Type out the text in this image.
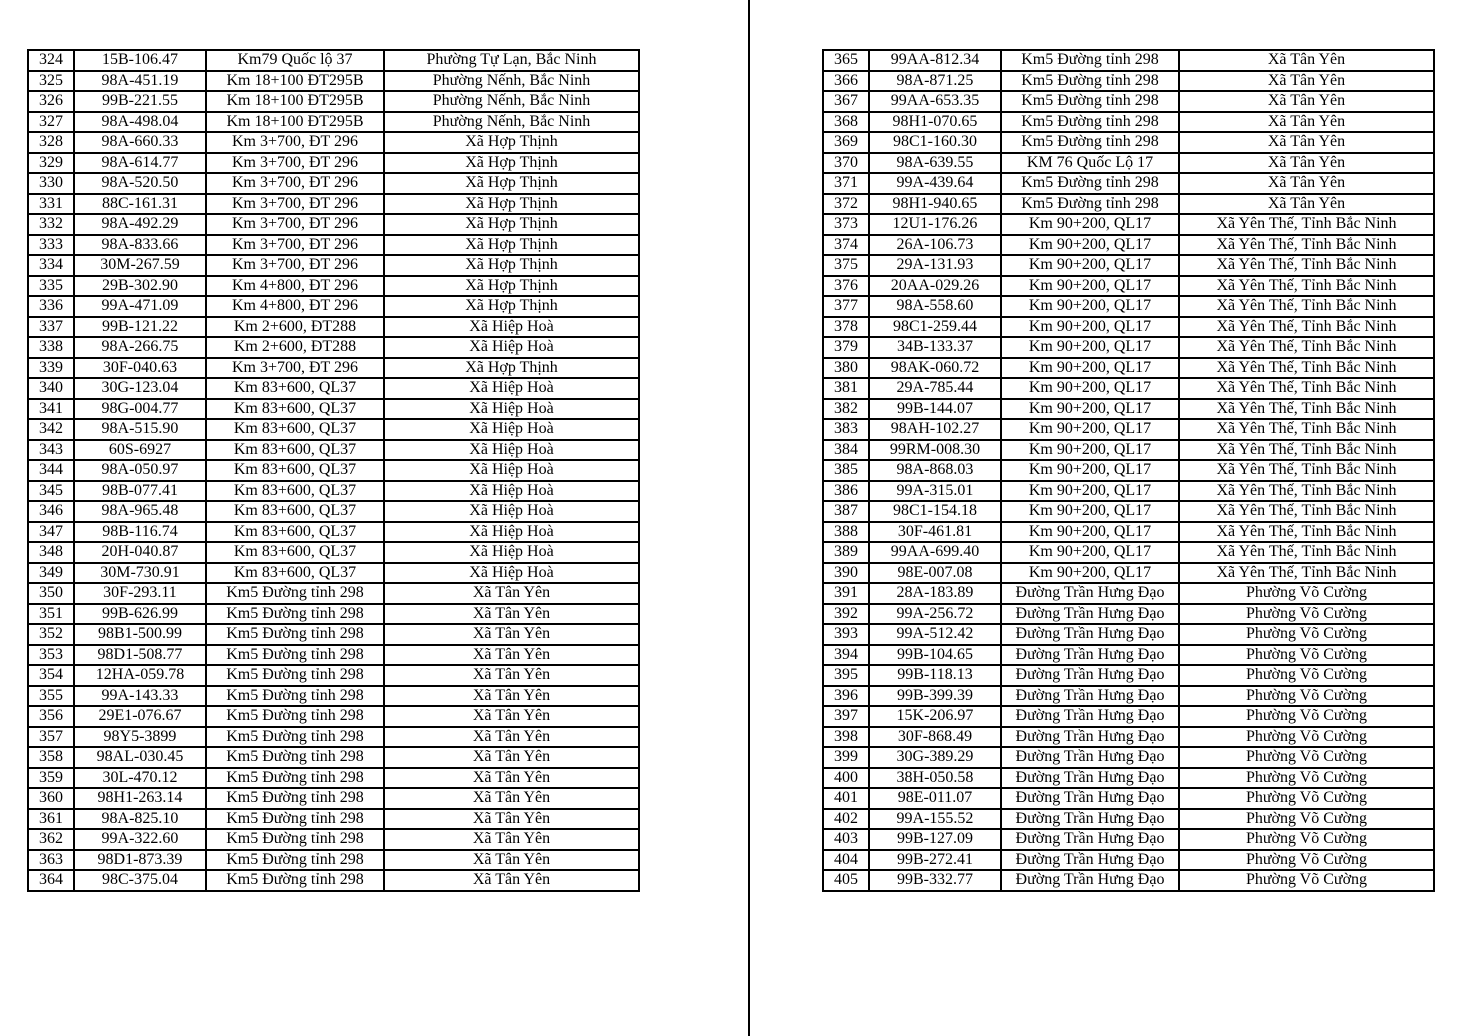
324	15B-106.47	Km79 Quốc lộ 37	Phường Tự Lạn, Bắc Ninh
325	98A-451.19	Km 18+100 ĐT295B	Phường Nếnh, Bắc Ninh
326	99B-221.55	Km 18+100 ĐT295B	Phường Nếnh, Bắc Ninh
327	98A-498.04	Km 18+100 ĐT295B	Phường Nếnh, Bắc Ninh
328	98A-660.33	Km 3+700, ĐT 296	Xã Hợp Thịnh
329	98A-614.77	Km 3+700, ĐT 296	Xã Hợp Thịnh
330	98A-520.50	Km 3+700, ĐT 296	Xã Hợp Thịnh
331	88C-161.31	Km 3+700, ĐT 296	Xã Hợp Thịnh
332	98A-492.29	Km 3+700, ĐT 296	Xã Hợp Thịnh
333	98A-833.66	Km 3+700, ĐT 296	Xã Hợp Thịnh
334	30M-267.59	Km 3+700, ĐT 296	Xã Hợp Thịnh
335	29B-302.90	Km 4+800, ĐT 296	Xã Hợp Thịnh
336	99A-471.09	Km 4+800, ĐT 296	Xã Hợp Thịnh
337	99B-121.22	Km 2+600, ĐT288	Xã Hiệp Hoà
338	98A-266.75	Km 2+600, ĐT288	Xã Hiệp Hoà
339	30F-040.63	Km 3+700, ĐT 296	Xã Hợp Thịnh
340	30G-123.04	Km 83+600, QL37	Xã Hiệp Hoà
341	98G-004.77	Km 83+600, QL37	Xã Hiệp Hoà
342	98A-515.90	Km 83+600, QL37	Xã Hiệp Hoà
343	60S-6927	Km 83+600, QL37	Xã Hiệp Hoà
344	98A-050.97	Km 83+600, QL37	Xã Hiệp Hoà
345	98B-077.41	Km 83+600, QL37	Xã Hiệp Hoà
346	98A-965.48	Km 83+600, QL37	Xã Hiệp Hoà
347	98B-116.74	Km 83+600, QL37	Xã Hiệp Hoà
348	20H-040.87	Km 83+600, QL37	Xã Hiệp Hoà
349	30M-730.91	Km 83+600, QL37	Xã Hiệp Hoà
350	30F-293.11	Km5 Đường tỉnh 298	Xã Tân Yên
351	99B-626.99	Km5 Đường tỉnh 298	Xã Tân Yên
352	98B1-500.99	Km5 Đường tỉnh 298	Xã Tân Yên
353	98D1-508.77	Km5 Đường tỉnh 298	Xã Tân Yên
354	12HA-059.78	Km5 Đường tỉnh 298	Xã Tân Yên
355	99A-143.33	Km5 Đường tỉnh 298	Xã Tân Yên
356	29E1-076.67	Km5 Đường tỉnh 298	Xã Tân Yên
357	98Y5-3899	Km5 Đường tỉnh 298	Xã Tân Yên
358	98AL-030.45	Km5 Đường tỉnh 298	Xã Tân Yên
359	30L-470.12	Km5 Đường tỉnh 298	Xã Tân Yên
360	98H1-263.14	Km5 Đường tỉnh 298	Xã Tân Yên
361	98A-825.10	Km5 Đường tỉnh 298	Xã Tân Yên
362	99A-322.60	Km5 Đường tỉnh 298	Xã Tân Yên
363	98D1-873.39	Km5 Đường tỉnh 298	Xã Tân Yên
364	98C-375.04	Km5 Đường tỉnh 298	Xã Tân Yên
365	99AA-812.34	Km5 Đường tỉnh 298	Xã Tân Yên
366	98A-871.25	Km5 Đường tỉnh 298	Xã Tân Yên
367	99AA-653.35	Km5 Đường tỉnh 298	Xã Tân Yên
368	98H1-070.65	Km5 Đường tỉnh 298	Xã Tân Yên
369	98C1-160.30	Km5 Đường tỉnh 298	Xã Tân Yên
370	98A-639.55	KM 76 Quốc Lộ 17	Xã Tân Yên
371	99A-439.64	Km5 Đường tỉnh 298	Xã Tân Yên
372	98H1-940.65	Km5 Đường tỉnh 298	Xã Tân Yên
373	12U1-176.26	Km 90+200, QL17	Xã Yên Thế, Tỉnh Bắc Ninh
374	26A-106.73	Km 90+200, QL17	Xã Yên Thế, Tỉnh Bắc Ninh
375	29A-131.93	Km 90+200, QL17	Xã Yên Thế, Tỉnh Bắc Ninh
376	20AA-029.26	Km 90+200, QL17	Xã Yên Thế, Tỉnh Bắc Ninh
377	98A-558.60	Km 90+200, QL17	Xã Yên Thế, Tỉnh Bắc Ninh
378	98C1-259.44	Km 90+200, QL17	Xã Yên Thế, Tỉnh Bắc Ninh
379	34B-133.37	Km 90+200, QL17	Xã Yên Thế, Tỉnh Bắc Ninh
380	98AK-060.72	Km 90+200, QL17	Xã Yên Thế, Tỉnh Bắc Ninh
381	29A-785.44	Km 90+200, QL17	Xã Yên Thế, Tỉnh Bắc Ninh
382	99B-144.07	Km 90+200, QL17	Xã Yên Thế, Tỉnh Bắc Ninh
383	98AH-102.27	Km 90+200, QL17	Xã Yên Thế, Tỉnh Bắc Ninh
384	99RM-008.30	Km 90+200, QL17	Xã Yên Thế, Tỉnh Bắc Ninh
385	98A-868.03	Km 90+200, QL17	Xã Yên Thế, Tỉnh Bắc Ninh
386	99A-315.01	Km 90+200, QL17	Xã Yên Thế, Tỉnh Bắc Ninh
387	98C1-154.18	Km 90+200, QL17	Xã Yên Thế, Tỉnh Bắc Ninh
388	30F-461.81	Km 90+200, QL17	Xã Yên Thế, Tỉnh Bắc Ninh
389	99AA-699.40	Km 90+200, QL17	Xã Yên Thế, Tỉnh Bắc Ninh
390	98E-007.08	Km 90+200, QL17	Xã Yên Thế, Tỉnh Bắc Ninh
391	28A-183.89	Đường Trần Hưng Đạo	Phường Võ Cường
392	99A-256.72	Đường Trần Hưng Đạo	Phường Võ Cường
393	99A-512.42	Đường Trần Hưng Đạo	Phường Võ Cường
394	99B-104.65	Đường Trần Hưng Đạo	Phường Võ Cường
395	99B-118.13	Đường Trần Hưng Đạo	Phường Võ Cường
396	99B-399.39	Đường Trần Hưng Đạo	Phường Võ Cường
397	15K-206.97	Đường Trần Hưng Đạo	Phường Võ Cường
398	30F-868.49	Đường Trần Hưng Đạo	Phường Võ Cường
399	30G-389.29	Đường Trần Hưng Đạo	Phường Võ Cường
400	38H-050.58	Đường Trần Hưng Đạo	Phường Võ Cường
401	98E-011.07	Đường Trần Hưng Đạo	Phường Võ Cường
402	99A-155.52	Đường Trần Hưng Đạo	Phường Võ Cường
403	99B-127.09	Đường Trần Hưng Đạo	Phường Võ Cường
404	99B-272.41	Đường Trần Hưng Đạo	Phường Võ Cường
405	99B-332.77	Đường Trần Hưng Đạo	Phường Võ Cường
